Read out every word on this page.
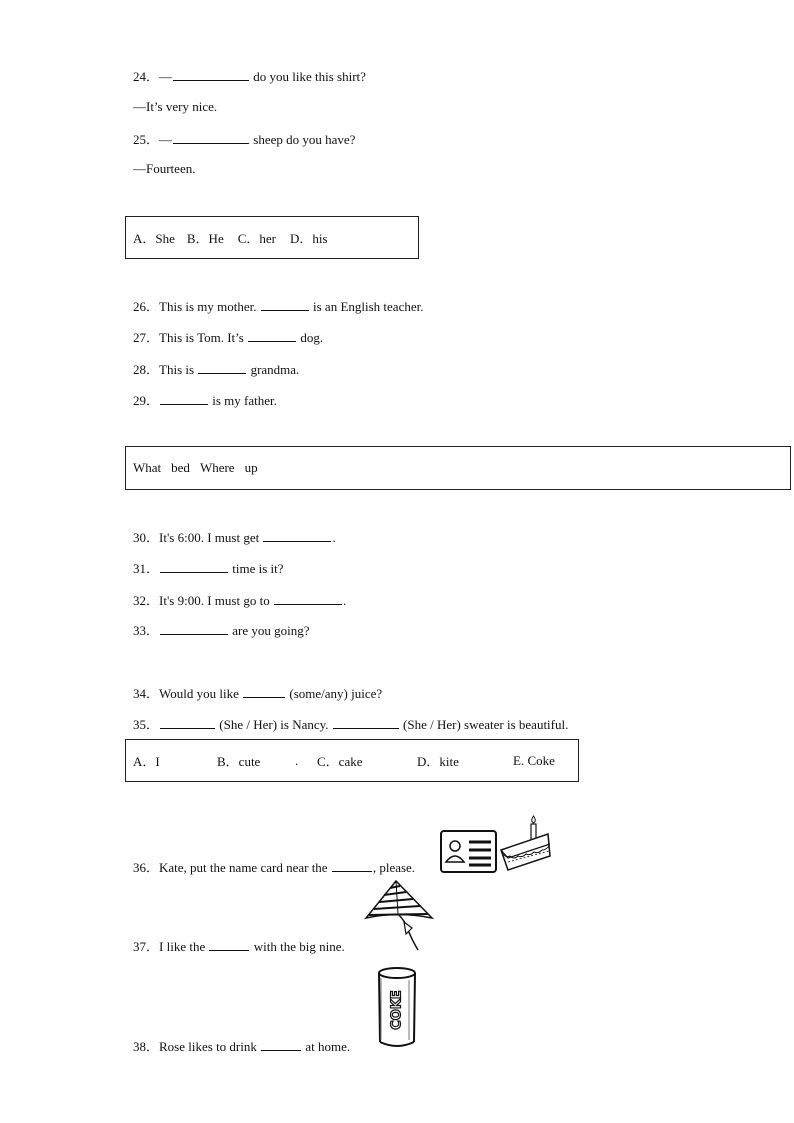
24．—	do you like this shirt?
—It’s very nice.
25．—	sheep do you have?
—Fourteen.
A．She B．He C．her D．his
26．This is my mother.	is an English teacher.
27．This is Tom. It’s	dog.
28．This is	grandma.
29．	is my father.
What bed Where up
30．It's 6:00. I must get	.
31．	time is it?
32．It's 9:00. I must go to	.
33．	are you going?
34．Would you like	(some/any) juice?
35．	(She / Her) is Nancy.	(She / Her) sweater is beautiful.
A．I	B．cute	.	C．cake	D．kite	E. Coke
36．Kate, put the name card near the	, please.
37．I like the	with the big nine.
38．Rose likes to drink	at home.
COKE
